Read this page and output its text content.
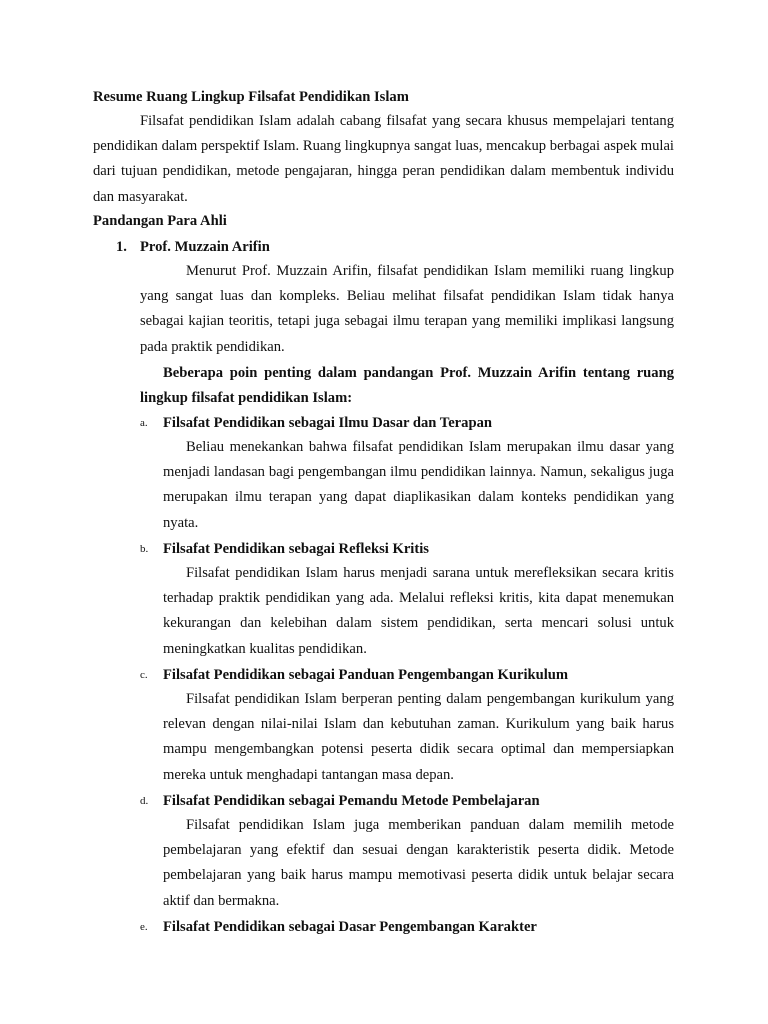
Resume Ruang Lingkup Filsafat Pendidikan Islam

Filsafat pendidikan Islam adalah cabang filsafat yang secara khusus mempelajari tentang pendidikan dalam perspektif Islam. Ruang lingkupnya sangat luas, mencakup berbagai aspek mulai dari tujuan pendidikan, metode pengajaran, hingga peran pendidikan dalam membentuk individu dan masyarakat.

Pandangan Para Ahli
1. Prof. Muzzain Arifin

Menurut Prof. Muzzain Arifin, filsafat pendidikan Islam memiliki ruang lingkup yang sangat luas dan kompleks. Beliau melihat filsafat pendidikan Islam tidak hanya sebagai kajian teoritis, tetapi juga sebagai ilmu terapan yang memiliki implikasi langsung pada praktik pendidikan.

Beberapa poin penting dalam pandangan Prof. Muzzain Arifin tentang ruang lingkup filsafat pendidikan Islam:

a. Filsafat Pendidikan sebagai Ilmu Dasar dan Terapan

Beliau menekankan bahwa filsafat pendidikan Islam merupakan ilmu dasar yang menjadi landasan bagi pengembangan ilmu pendidikan lainnya. Namun, sekaligus juga merupakan ilmu terapan yang dapat diaplikasikan dalam konteks pendidikan yang nyata.

b. Filsafat Pendidikan sebagai Refleksi Kritis

Filsafat pendidikan Islam harus menjadi sarana untuk merefleksikan secara kritis terhadap praktik pendidikan yang ada. Melalui refleksi kritis, kita dapat menemukan kekurangan dan kelebihan dalam sistem pendidikan, serta mencari solusi untuk meningkatkan kualitas pendidikan.

c. Filsafat Pendidikan sebagai Panduan Pengembangan Kurikulum

Filsafat pendidikan Islam berperan penting dalam pengembangan kurikulum yang relevan dengan nilai-nilai Islam dan kebutuhan zaman. Kurikulum yang baik harus mampu mengembangkan potensi peserta didik secara optimal dan mempersiapkan mereka untuk menghadapi tantangan masa depan.

d. Filsafat Pendidikan sebagai Pemandu Metode Pembelajaran

Filsafat pendidikan Islam juga memberikan panduan dalam memilih metode pembelajaran yang efektif dan sesuai dengan karakteristik peserta didik. Metode pembelajaran yang baik harus mampu memotivasi peserta didik untuk belajar secara aktif dan bermakna.

e. Filsafat Pendidikan sebagai Dasar Pengembangan Karakter
